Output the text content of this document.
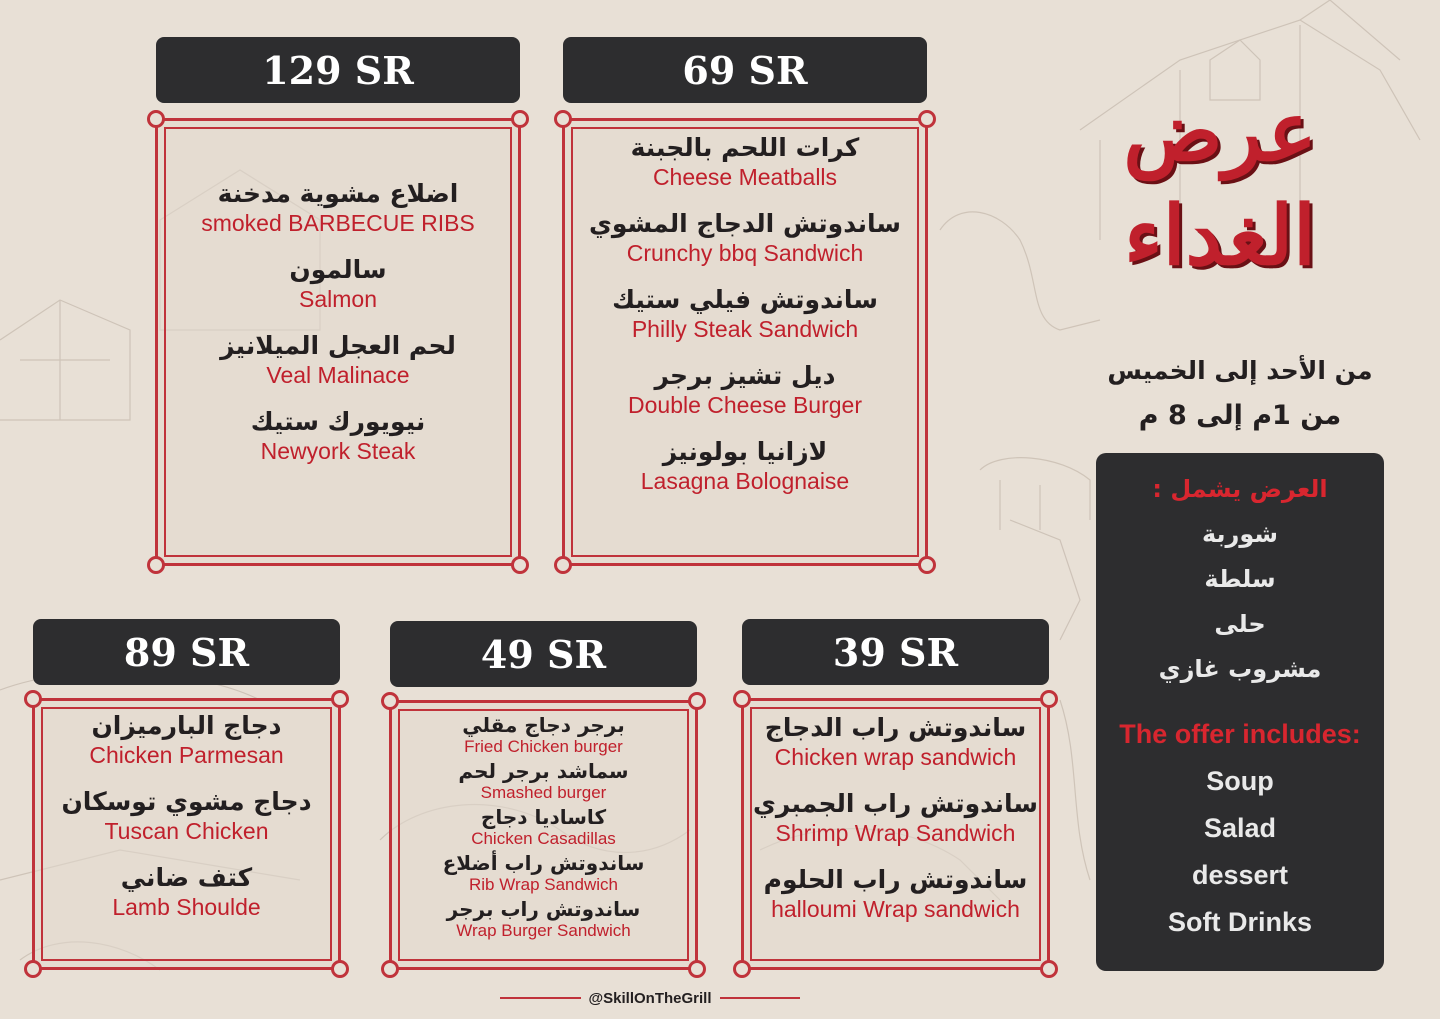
129 SR	69 SR
89 SR	49 SR	39 SR
اضلاع مشوية مدخنة
smoked BARBECUE RIBS
سالمون
Salmon
لحم العجل الميلانيز
Veal Malinace
نيويورك ستيك
Newyork Steak
كرات اللحم بالجبنة
Cheese Meatballs
ساندوتش الدجاج المشوي
Crunchy bbq Sandwich
ساندوتش فيلي ستيك
Philly Steak Sandwich
ديل تشيز برجر
Double Cheese Burger
لازانيا بولونيز
Lasagna Bolognaise
دجاج البارميزان
Chicken Parmesan
دجاج مشوي توسكان
Tuscan Chicken
كتف ضاني
Lamb Shoulde
برجر دجاج مقلي
Fried Chicken burger
سماشد برجر لحم
Smashed burger
كاساديا دجاج
Chicken Casadillas
ساندوتش راب أضلاع
Rib Wrap Sandwich
ساندوتش راب برجر
Wrap Burger Sandwich
ساندوتش راب الدجاج
Chicken wrap sandwich
ساندوتش راب الجمبري
Shrimp Wrap Sandwich
ساندوتش راب الحلوم
halloumi Wrap sandwich
عرض
الغداء
من الأحد إلى الخميس
من 1م إلى 8 م
العرض يشمل :
شوربة
سلطة
حلى
مشروب غازي
The offer includes:
Soup
Salad
dessert
Soft Drinks
@SkillOnTheGrill
